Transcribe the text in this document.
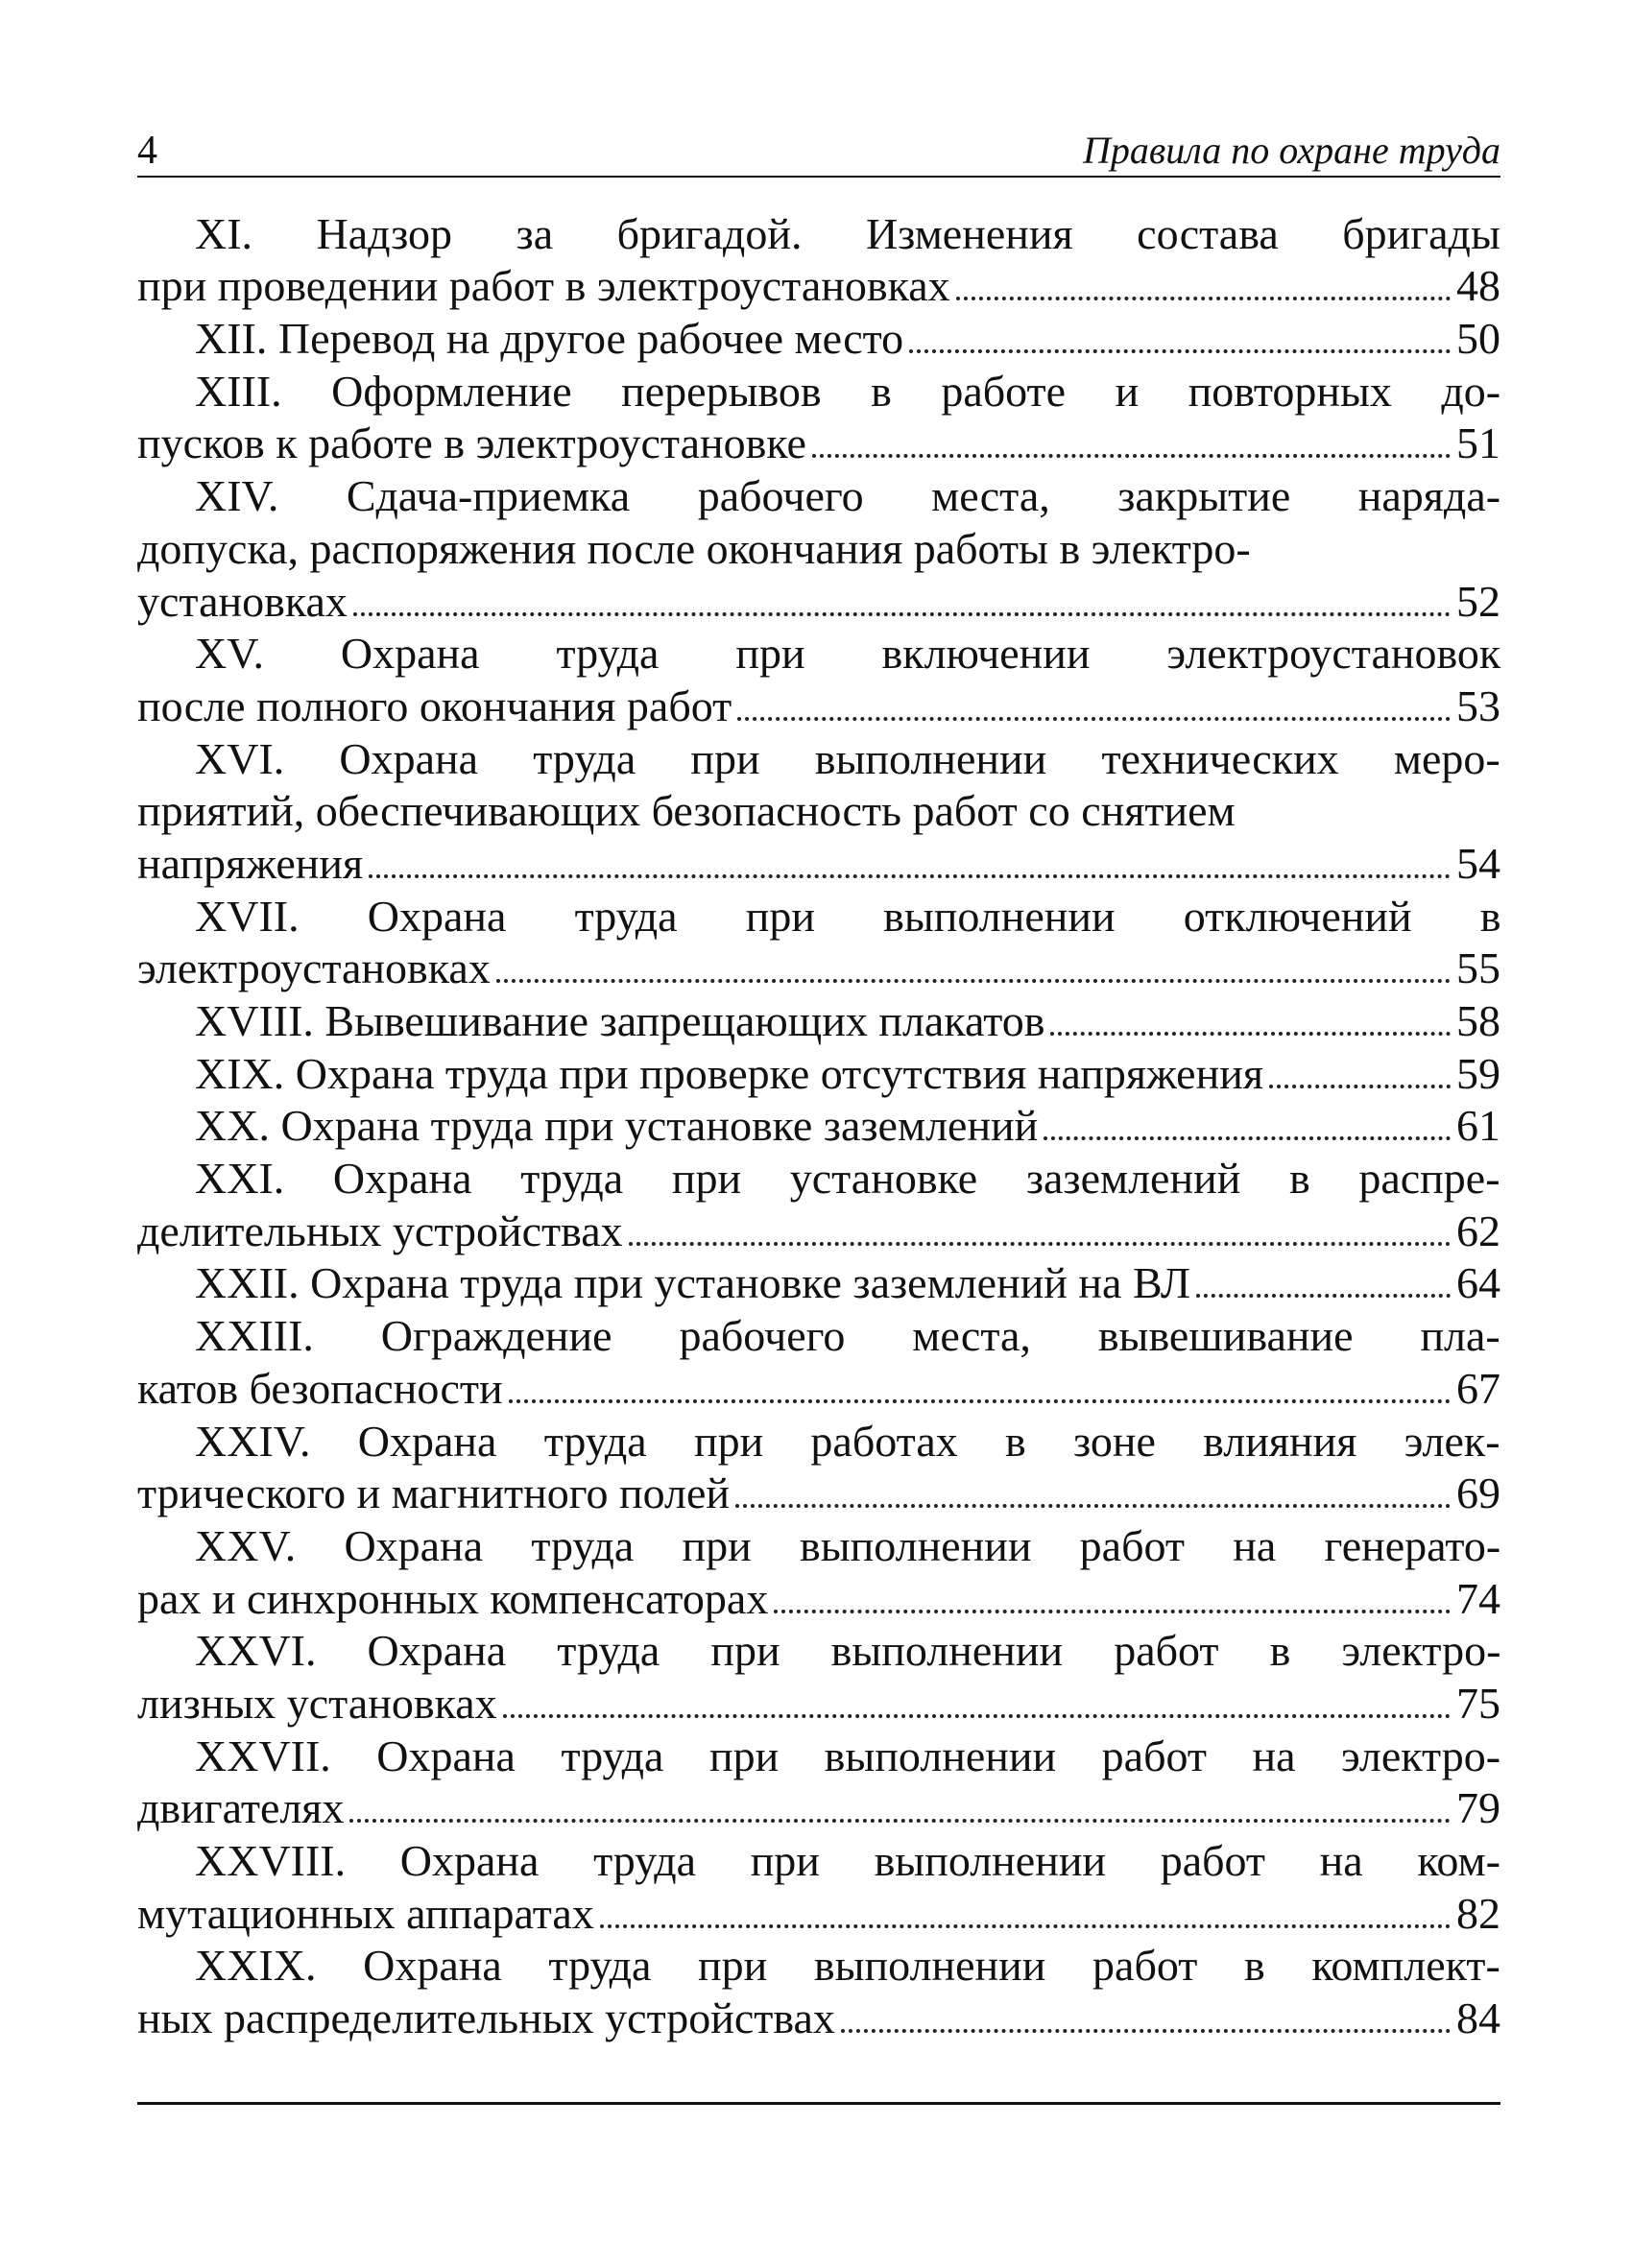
4	Правила по охране труда
XI. Надзор за бригадой. Изменения состава бригады
при проведении работ в электроустановках	48
XII. Перевод на другое рабочее место	50
XIII. Оформление перерывов в работе и повторных до-
пусков к работе в электроустановке	51
XIV. Сдача-приемка рабочего места, закрытие наряда-
допуска, распоряжения после окончания работы в электро-
установках	52
XV. Охрана труда при включении электроустановок
после полного окончания работ	53
XVI. Охрана труда при выполнении технических меро-
приятий, обеспечивающих безопасность работ со снятием
напряжения	54
XVII. Охрана труда при выполнении отключений в
электроустановках	55
XVIII. Вывешивание запрещающих плакатов	58
XIX. Охрана труда при проверке отсутствия напряжения	59
XX. Охрана труда при установке заземлений	61
XXI. Охрана труда при установке заземлений в распре-
делительных устройствах	62
XXII. Охрана труда при установке заземлений на ВЛ	64
XXIII. Ограждение рабочего места, вывешивание пла-
катов безопасности	67
XXIV. Охрана труда при работах в зоне влияния элек-
трического и магнитного полей	69
XXV. Охрана труда при выполнении работ на генерато-
рах и синхронных компенсаторах	74
XXVI. Охрана труда при выполнении работ в электро-
лизных установках	75
XXVII. Охрана труда при выполнении работ на электро-
двигателях	79
XXVIII. Охрана труда при выполнении работ на ком-
мутационных аппаратах	82
XXIX. Охрана труда при выполнении работ в комплект-
ных распределительных устройствах	84
